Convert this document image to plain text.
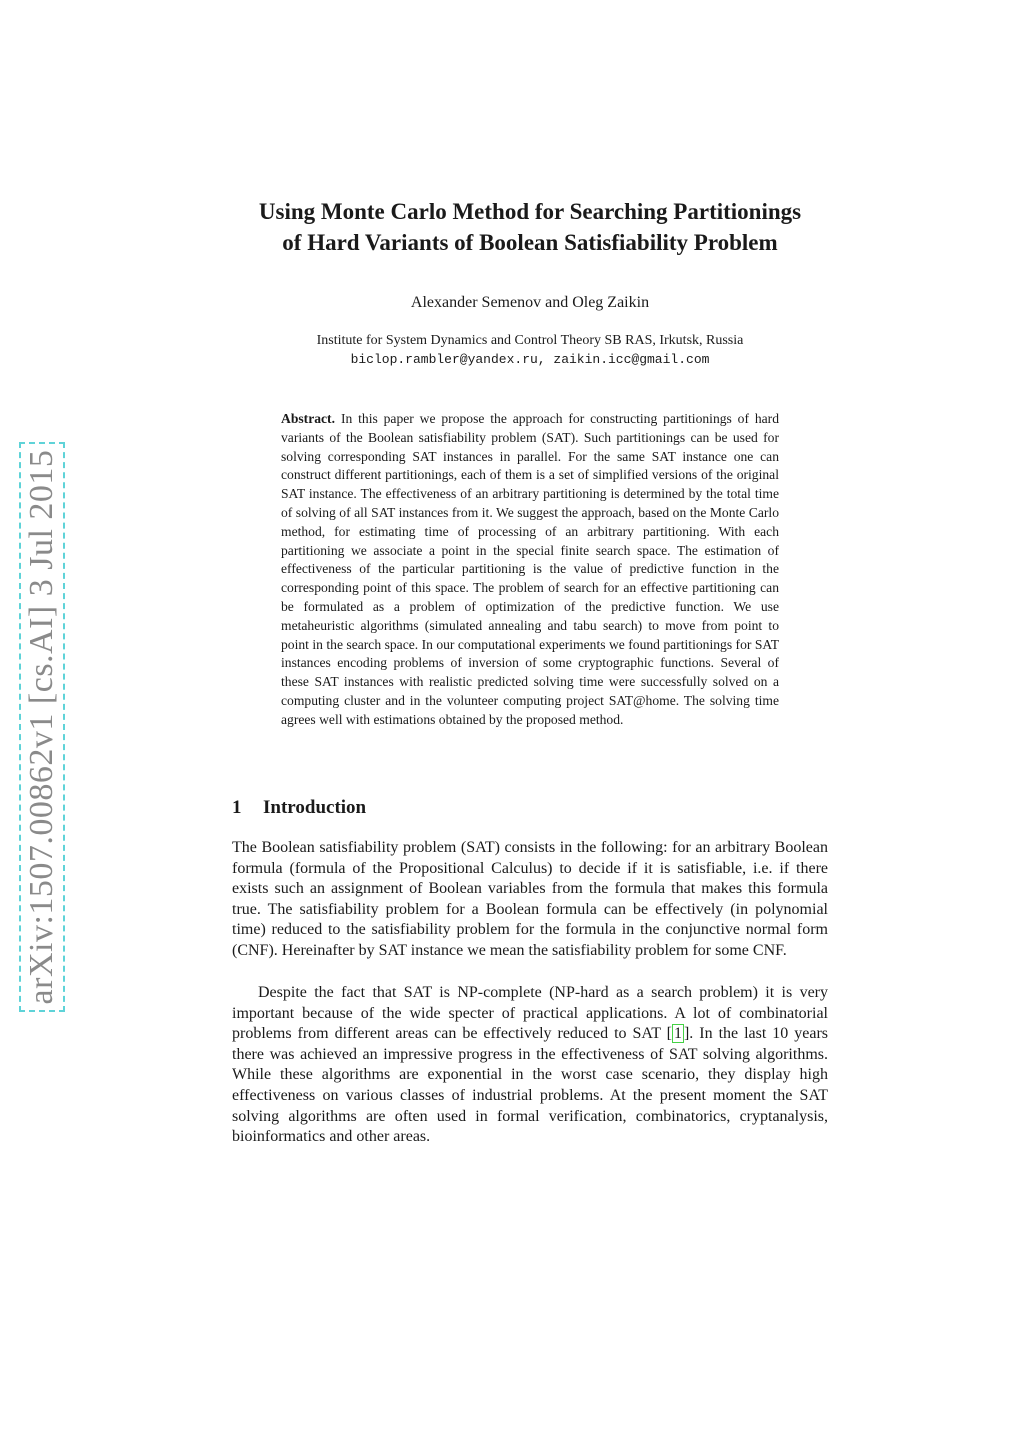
arXiv:1507.00862v1 [cs.AI] 3 Jul 2015
Using Monte Carlo Method for Searching Partitionings
of Hard Variants of Boolean Satisfiability Problem
Alexander Semenov and Oleg Zaikin
Institute for System Dynamics and Control Theory SB RAS, Irkutsk, Russia
biclop.rambler@yandex.ru, zaikin.icc@gmail.com

Abstract. In this paper we propose the approach for constructing partitionings of hard variants of the Boolean satisfiability problem (SAT). Such partitionings can be used for solving corresponding SAT instances in parallel. For the same SAT instance one can construct different partitionings, each of them is a set of simplified versions of the original SAT instance. The effectiveness of an arbitrary partitioning is determined by the total time of solving of all SAT instances from it. We suggest the approach, based on the Monte Carlo method, for estimating time of processing of an arbitrary partitioning. With each partitioning we associate a point in the special finite search space. The estimation of effectiveness of the particular partitioning is the value of predictive function in the corresponding point of this space. The problem of search for an effective partitioning can be formulated as a problem of optimization of the predictive function. We use metaheuristic algorithms (simulated annealing and tabu search) to move from point to point in the search space. In our computational experiments we found partitionings for SAT instances encoding problems of inversion of some cryptographic functions. Several of these SAT instances with realistic predicted solving time were successfully solved on a computing cluster and in the volunteer computing project SAT@home. The solving time agrees well with estimations obtained by the proposed method.

1 Introduction

The Boolean satisfiability problem (SAT) consists in the following: for an arbitrary Boolean formula (formula of the Propositional Calculus) to decide if it is satisfiable, i.e. if there exists such an assignment of Boolean variables from the formula that makes this formula true. The satisfiability problem for a Boolean formula can be effectively (in polynomial time) reduced to the satisfiability problem for the formula in the conjunctive normal form (CNF). Hereinafter by SAT instance we mean the satisfiability problem for some CNF.

Despite the fact that SAT is NP-complete (NP-hard as a search problem) it is very important because of the wide specter of practical applications. A lot of combinatorial problems from different areas can be effectively reduced to SAT [ 1 ]. In the last 10 years there was achieved an impressive progress in the effectiveness of SAT solving algorithms. While these algorithms are exponential in the worst case scenario, they display high effectiveness on various classes of industrial problems. At the present moment the SAT solving algorithms are often used in formal verification, combinatorics, cryptanalysis, bioinformatics and other areas.
